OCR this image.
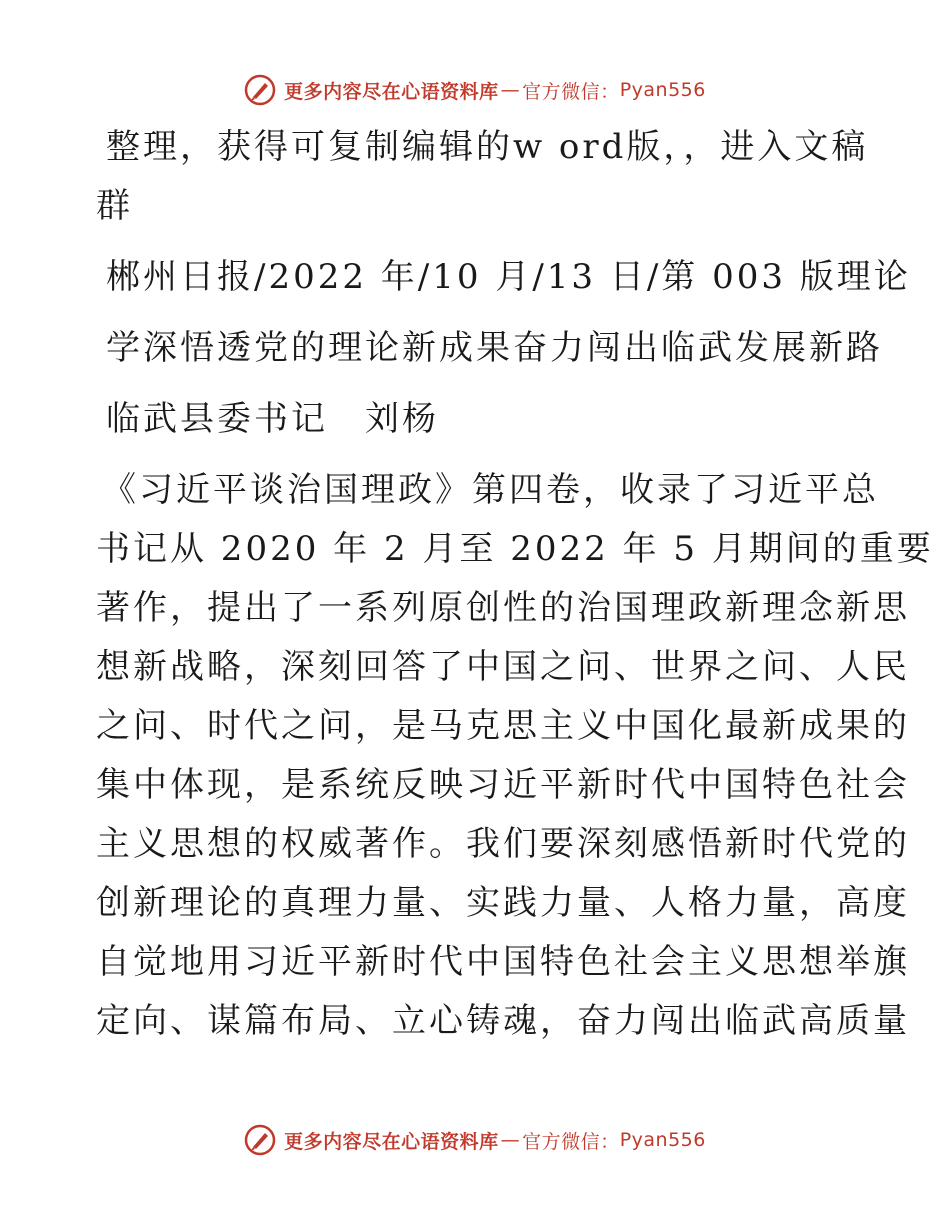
更多内容尽在心语资料库 — 官方微信： Pyan556
整理，获得可复制编辑的w ord版，，进入文稿
群
郴州日报/2022 年/10 月/13 日/第 003 版理论
学深悟透党的理论新成果奋力闯出临武发展新路
临武县委书记　刘杨
《习近平谈治国理政》第四卷，收录了习近平总
书记从 2020 年 2 月至 2022 年 5 月期间的重要
著作，提出了一系列原创性的治国理政新理念新思
想新战略，深刻回答了中国之问、世界之问、人民
之问、时代之问，是马克思主义中国化最新成果的
集中体现，是系统反映习近平新时代中国特色社会
主义思想的权威著作。我们要深刻感悟新时代党的
创新理论的真理力量、实践力量、人格力量，高度
自觉地用习近平新时代中国特色社会主义思想举旗
定向、谋篇布局、立心铸魂，奋力闯出临武高质量
更多内容尽在心语资料库 — 官方微信： Pyan556
